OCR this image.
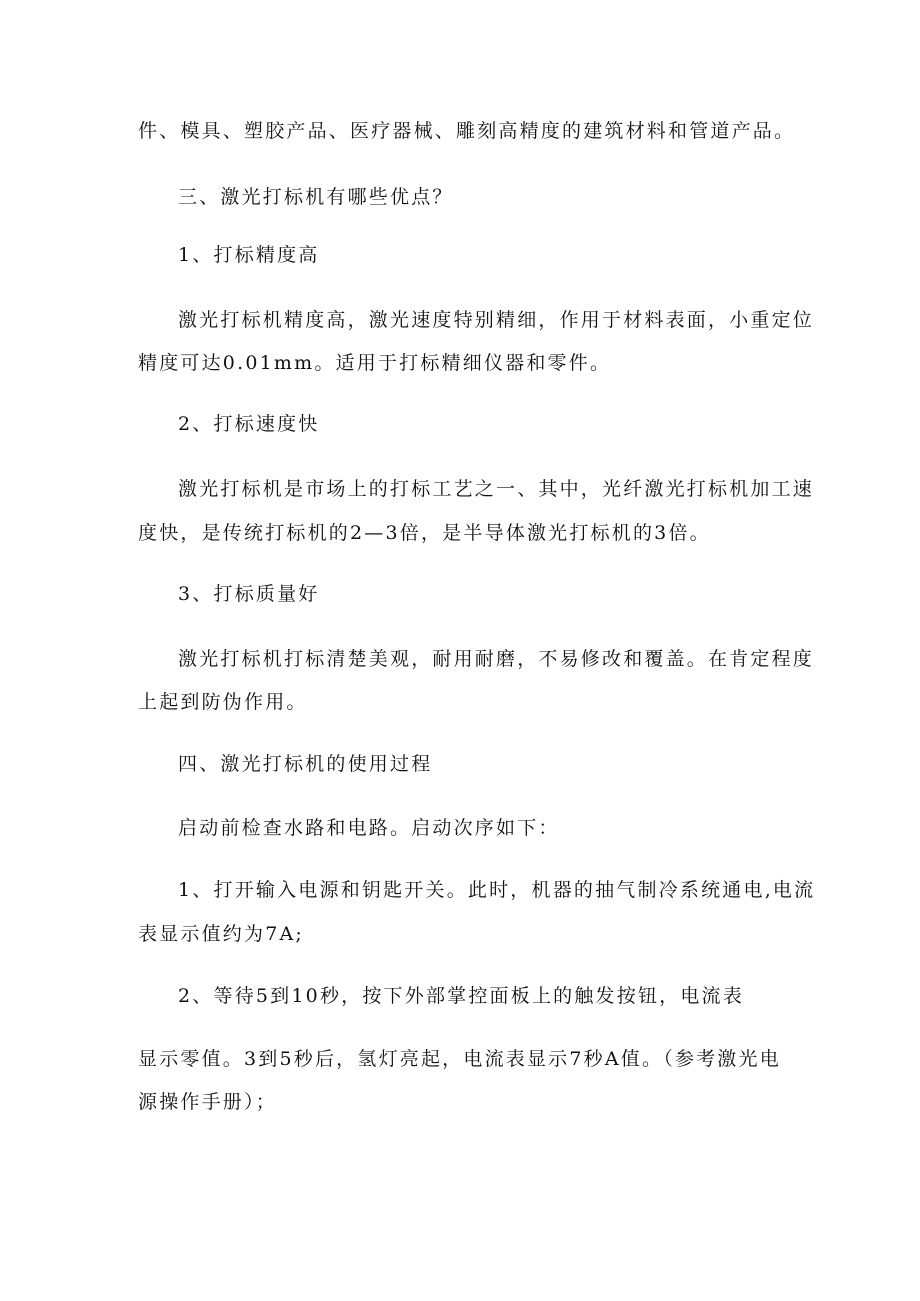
件、模具、塑胶产品、医疗器械、雕刻高精度的建筑材料和管道产品。
三、激光打标机有哪些优点？
1、打标精度高
激光打标机精度高，激光速度特别精细，作用于材料表面，小重定位
精度可达0.01mm。适用于打标精细仪器和零件。
2、打标速度快
激光打标机是市场上的打标工艺之一、其中，光纤激光打标机加工速
度快，是传统打标机的2—3倍，是半导体激光打标机的3倍。
3、打标质量好
激光打标机打标清楚美观，耐用耐磨，不易修改和覆盖。在肯定程度
上起到防伪作用。
四、激光打标机的使用过程
启动前检查水路和电路。启动次序如下：
1、打开输入电源和钥匙开关。此时，机器的抽气制冷系统通电,电流
表显示值约为7A;
2、等待5到10秒，按下外部掌控面板上的触发按钮，电流表
显示零值。3到5秒后，氢灯亮起，电流表显示7秒A值。（参考激光电
源操作手册）；
